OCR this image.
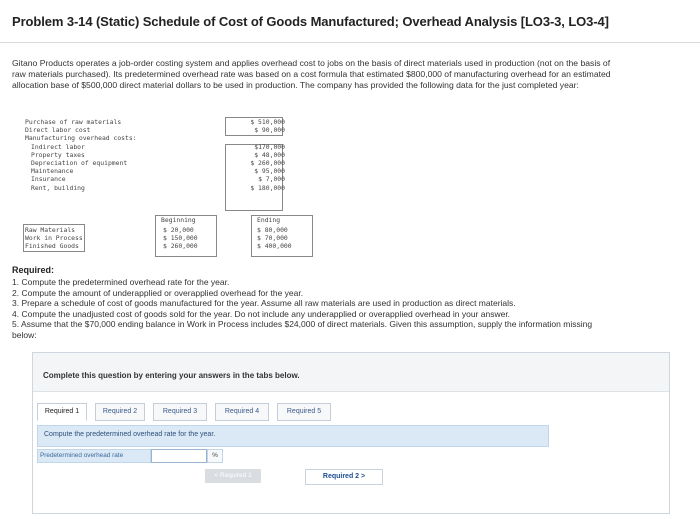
Problem 3-14 (Static) Schedule of Cost of Goods Manufactured; Overhead Analysis [LO3-3, LO3-4]
Gitano Products operates a job-order costing system and applies overhead cost to jobs on the basis of direct materials used in production (not on the basis of raw materials purchased). Its predetermined overhead rate was based on a cost formula that estimated $800,000 of manufacturing overhead for an estimated allocation base of $500,000 direct material dollars to be used in production. The company has provided the following data for the just completed year:
Purchase of raw materials	$ 510,000
Direct labor cost	$ 90,000
Manufacturing overhead costs:
Indirect labor	$170,000
Property taxes	$ 48,000
Depreciation of equipment	$ 260,000
Maintenance	$ 95,000
Insurance	$ 7,000
Rent, building	$ 180,000
Beginning	Ending
Raw Materials	$ 20,000	$ 80,000
Work in Process	$ 150,000	$ 70,000
Finished Goods	$ 260,000	$ 400,000
Required:
1. Compute the predetermined overhead rate for the year.
2. Compute the amount of underapplied or overapplied overhead for the year.
3. Prepare a schedule of cost of goods manufactured for the year. Assume all raw materials are used in production as direct materials.
4. Compute the unadjusted cost of goods sold for the year. Do not include any underapplied or overapplied overhead in your answer.
5. Assume that the $70,000 ending balance in Work in Process includes $24,000 of direct materials. Given this assumption, supply the information missing below:
Complete this question by entering your answers in the tabs below.
Required 1	Required 2	Required 3	Required 4	Required 5
Compute the predetermined overhead rate for the year.
Predetermined overhead rate	%
< Required 1	Required 2 >
